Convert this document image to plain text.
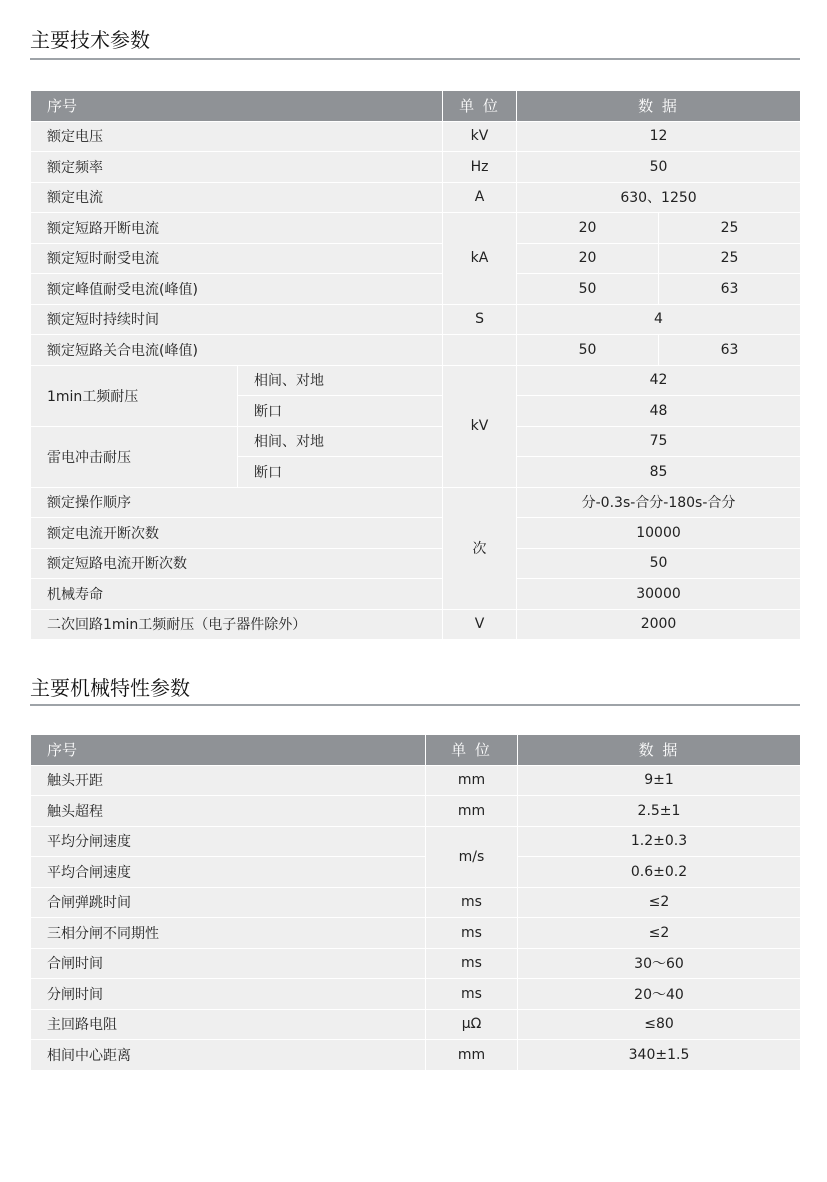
主要技术参数
序号		单 位	数 据	
额定电压		kV	12	
额定频率		Hz	50	
额定电流		A	630、1250	
额定短路开断电流		kA	20	25
额定短时耐受电流			20	25
额定峰值耐受电流(峰值)			50	63
额定短时持续时间		S	4	
额定短路关合电流(峰值)			50	63
1min工频耐压	相间、对地	kV	42	
	断口		48	
雷电冲击耐压	相间、对地		75	
	断口		85	
额定操作顺序		次	分-0.3s-合分-180s-合分	
额定电流开断次数			10000	
额定短路电流开断次数			50	
机械寿命			30000	
二次回路1min工频耐压（电子器件除外）		V	2000	
主要机械特性参数
序号	单 位	数 据
触头开距	mm	9±1
触头超程	mm	2.5±1
平均分闸速度	m/s	1.2±0.3
平均合闸速度		0.6±0.2
合闸弹跳时间	ms	≤2
三相分闸不同期性	ms	≤2
合闸时间	ms	30～60
分闸时间	ms	20～40
主回路电阻	μΩ	≤80
相间中心距离	mm	340±1.5
